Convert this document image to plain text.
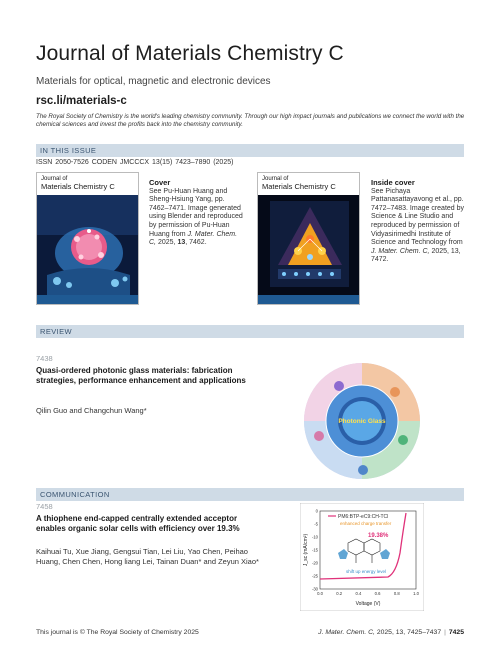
Journal of Materials Chemistry C
Materials for optical, magnetic and electronic devices
rsc.li/materials-c
The Royal Society of Chemistry is the world's leading chemistry community. Through our high impact journals and publications we connect the world with the chemical sciences and invest the profits back into the chemistry community.
IN THIS ISSUE
ISSN 2050-7526 CODEN JMCCCX 13(15) 7423–7890 (2025)
Journal of
Materials Chemistry C	Cover
See Pu-Huan Huang and Sheng-Hsiung Yang, pp. 7462–7471. Image generated using Blender and reproduced by permission of Pu-Huan Huang from J. Mater. Chem. C, 2025, 13, 7462.
Journal of
Materials Chemistry C	Inside cover
See Pichaya Pattanasattayavong et al., pp. 7472–7483. Image created by Science & Line Studio and reproduced by permission of Vidyasirimedhi Institute of Science and Technology from J. Mater. Chem. C, 2025, 13, 7472.
REVIEW
7438
Quasi-ordered photonic glass materials: fabrication strategies, performance enhancement and applications
Qilin Guo and Changchun Wang*
Photonic Glass
COMMUNICATION
7458
A thiophene end-capped centrally extended acceptor enables organic solar cells with efficiency over 19.3%
Kaihuai Tu, Xue Jiang, Gengsui Tian, Lei Liu, Yao Chen, Peihao Huang, Chen Chen, Hong liang Lei, Tainan Duan* and Zeyun Xiao*
0
-5
-10
-15
-20
-25
-30
0.0	0.2	0.4	0.6	0.8	1.0
PM6:BTP-eC9:CH-TCl
enhanced charge transfer
19.38%
shift up energy level
Voltage (V)
J_sc (mA/cm²)
This journal is © The Royal Society of Chemistry 2025	J. Mater. Chem. C, 2025, 13, 7425–7437 | 7425
